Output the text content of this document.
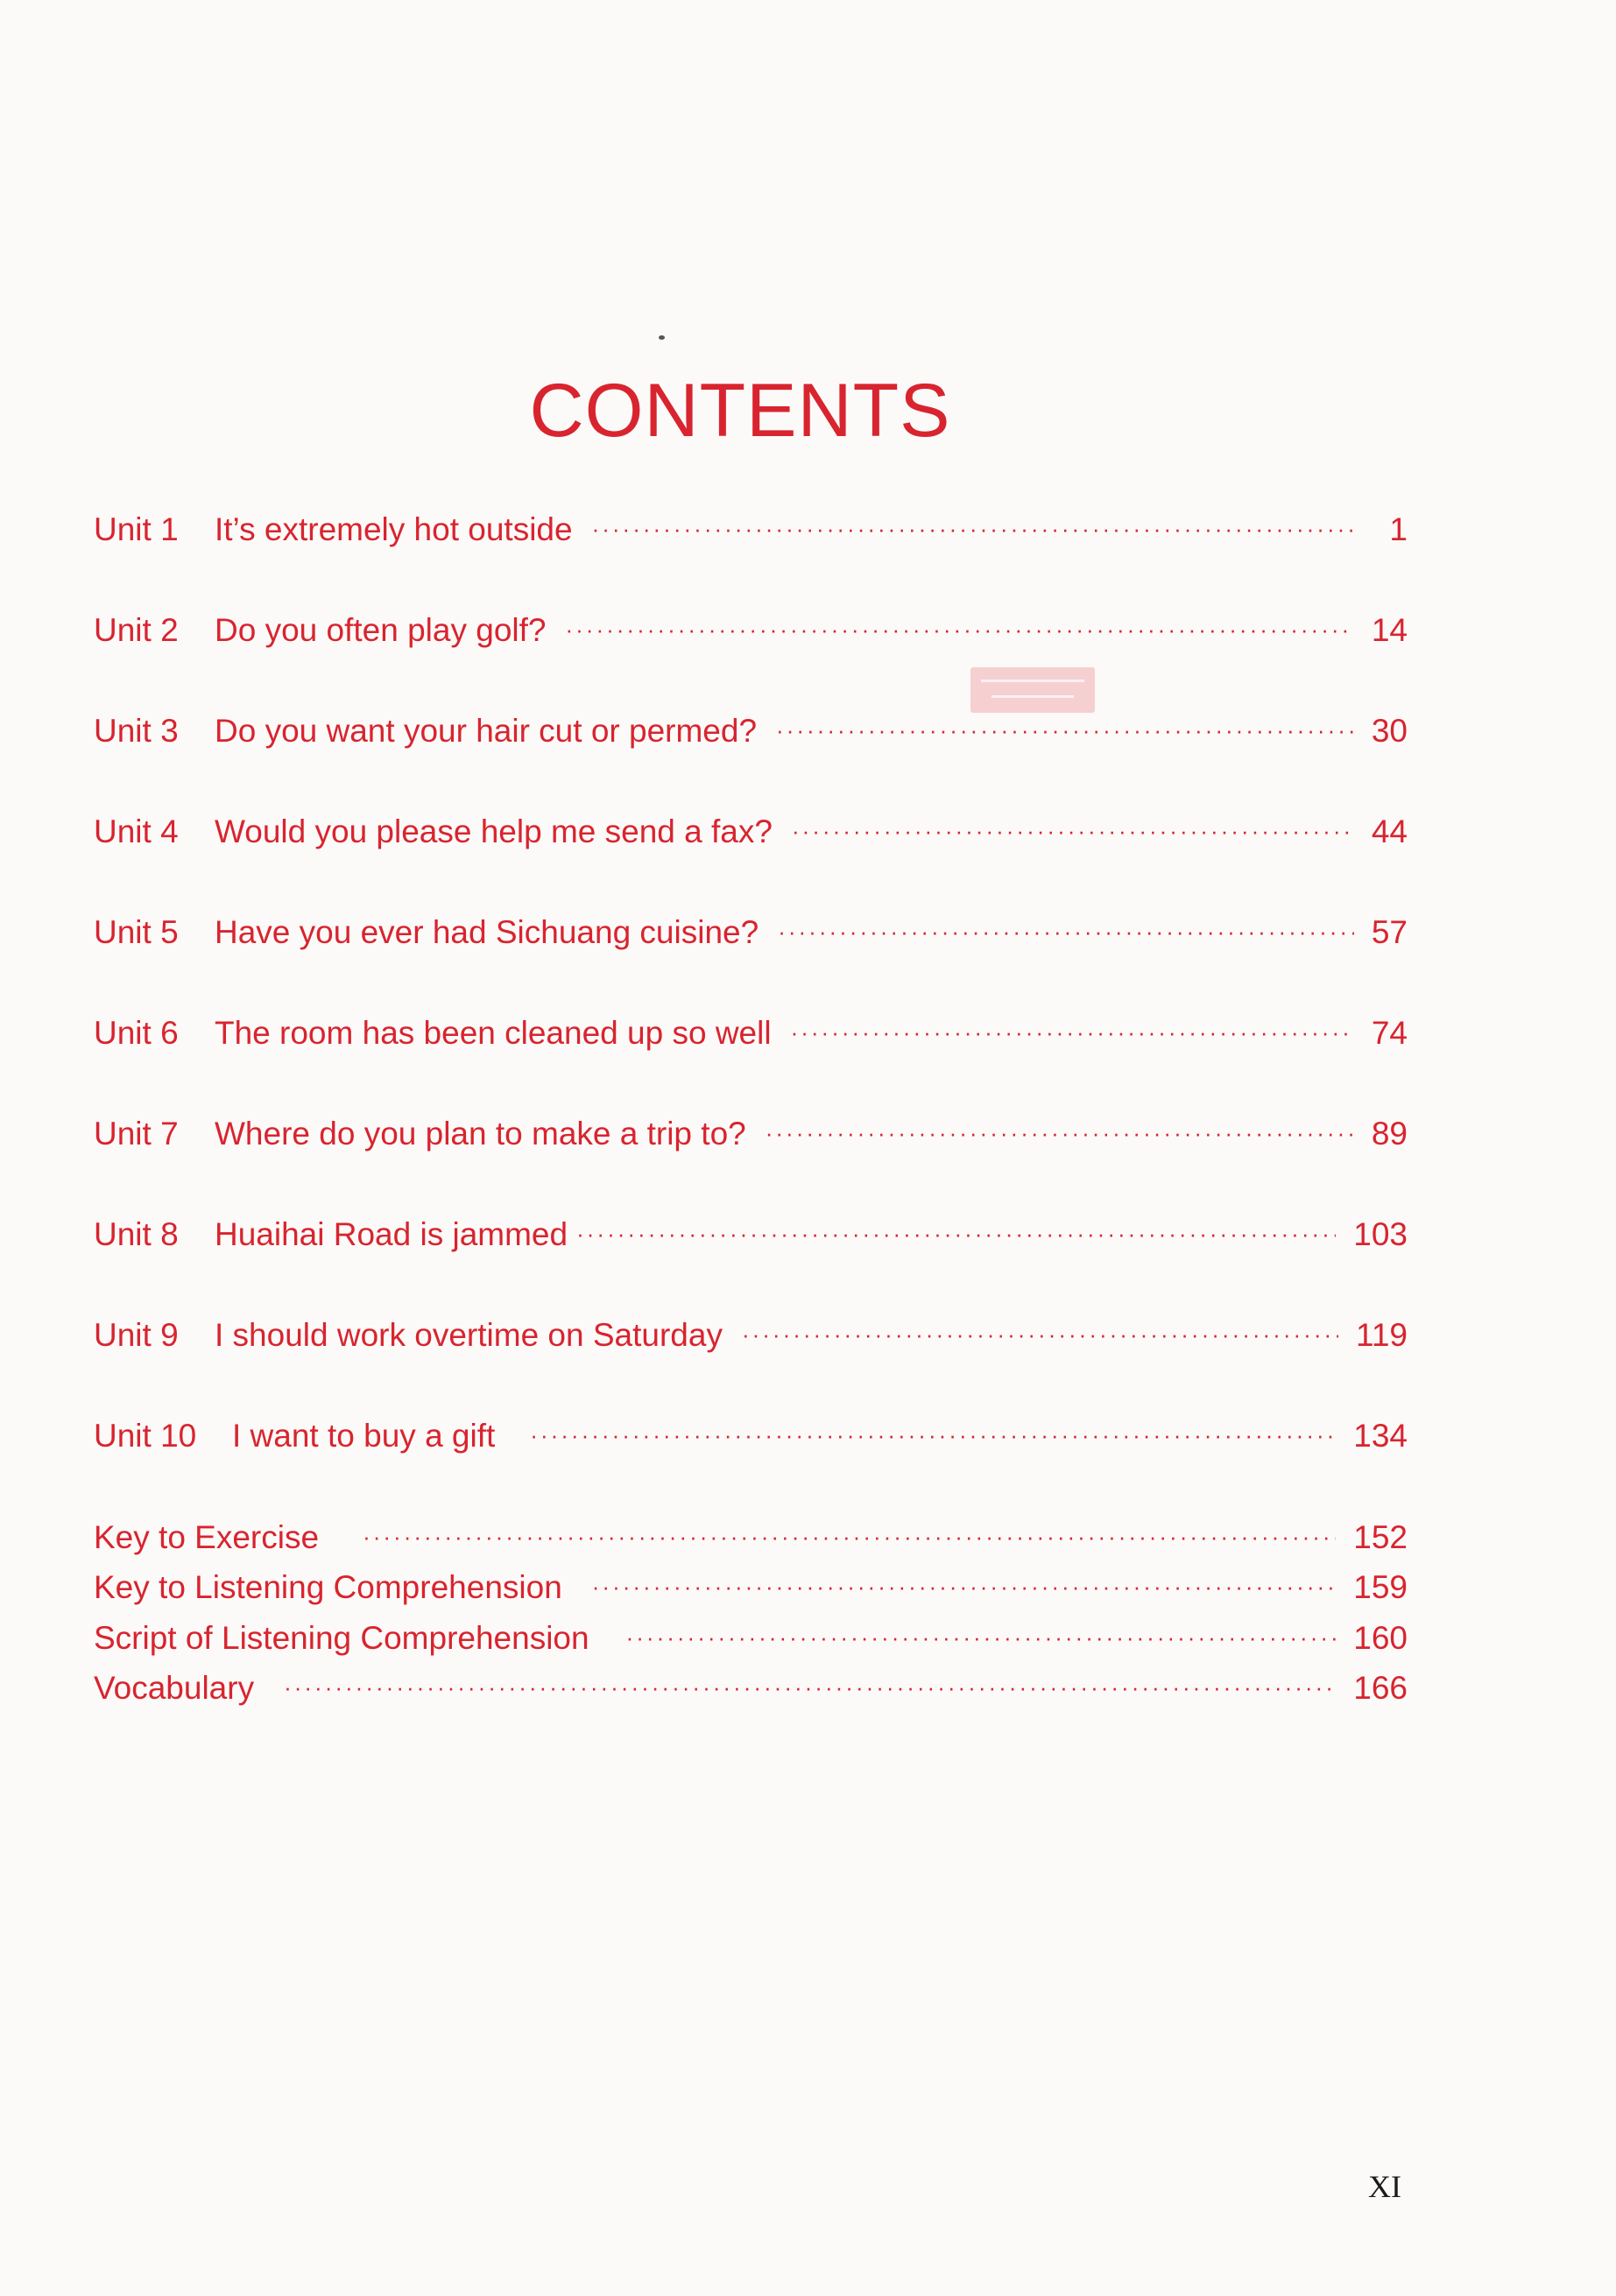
CONTENTS
Unit 1	It’s extremely hot outside ·····	1
Unit 2	Do you often play golf? ·····	14
Unit 3	Do you want your hair cut or permed? ·····	30
Unit 4	Would you please help me send a fax? ·····	44
Unit 5	Have you ever had Sichuang cuisine? ·····	57
Unit 6	The room has been cleaned up so well ·····	74
Unit 7	Where do you plan to make a trip to? ·····	89
Unit 8	Huaihai Road is jammed ·····	103
Unit 9	I should work overtime on Saturday ·····	119
Unit 10	I want to buy a gift ·····	134
Key to Exercise ·····	152
Key to Listening Comprehension ·····	159
Script of Listening Comprehension ·····	160
Vocabulary ·····	166
XI
